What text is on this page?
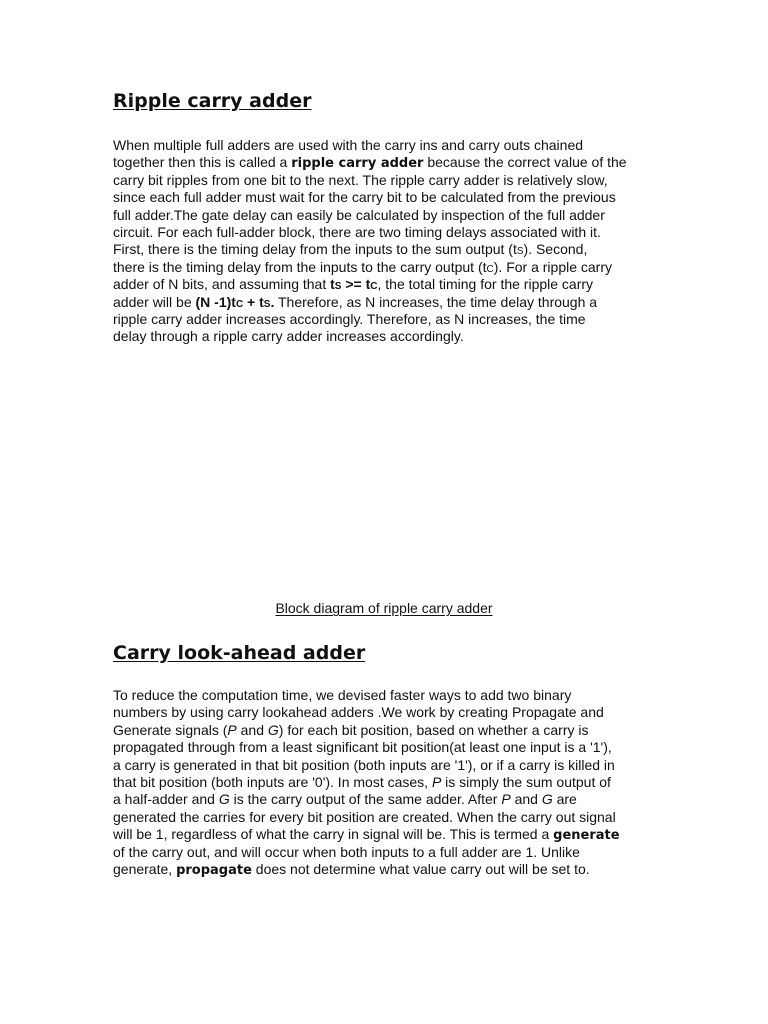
Ripple carry adder
When multiple full adders are used with the carry ins and carry outs chained
together then this is called a ripple carry adder because the correct value of the
carry bit ripples from one bit to the next. The ripple carry adder is relatively slow,
since each full adder must wait for the carry bit to be calculated from the previous
full adder.The gate delay can easily be calculated by inspection of the full adder
circuit. For each full-adder block, there are two timing delays associated with it.
First, there is the timing delay from the inputs to the sum output (tS). Second,
there is the timing delay from the inputs to the carry output (tC). For a ripple carry
adder of N bits, and assuming that tS >= tC, the total timing for the ripple carry
adder will be (N -1)tC + tS. Therefore, as N increases, the time delay through a
ripple carry adder increases accordingly. Therefore, as N increases, the time
delay through a ripple carry adder increases accordingly.
Block diagram of ripple carry adder
Carry look-ahead adder
To reduce the computation time, we devised faster ways to add two binary
numbers by using carry lookahead adders .We work by creating Propagate and
Generate signals (P and G) for each bit position, based on whether a carry is
propagated through from a least significant bit position(at least one input is a '1'),
a carry is generated in that bit position (both inputs are '1'), or if a carry is killed in
that bit position (both inputs are '0'). In most cases, P is simply the sum output of
a half-adder and G is the carry output of the same adder. After P and G are
generated the carries for every bit position are created. When the carry out signal
will be 1, regardless of what the carry in signal will be. This is termed a generate
of the carry out, and will occur when both inputs to a full adder are 1. Unlike
generate, propagate does not determine what value carry out will be set to.
